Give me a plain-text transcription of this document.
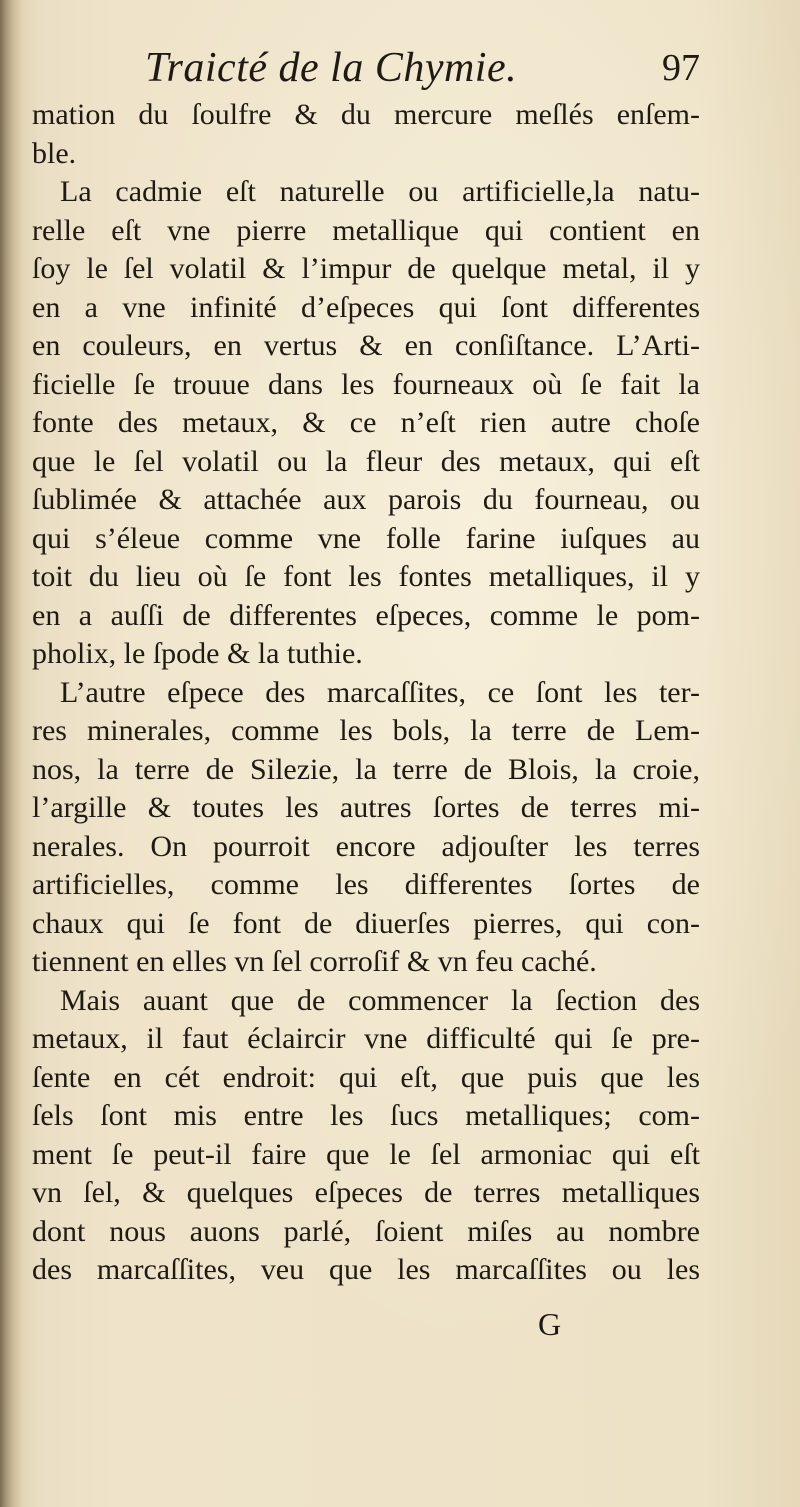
Traicté de la Chymie.	97
mation du ſoulfre & du mercure meſlés enſem-
ble.
La cadmie eſt naturelle ou artificielle,la natu-
relle eſt vne pierre metallique qui contient en
ſoy le ſel volatil & l’impur de quelque metal, il y
en a vne infinité d’eſpeces qui ſont differentes
en couleurs, en vertus & en conſiſtance. L’Arti-
ficielle ſe trouue dans les fourneaux où ſe fait la
fonte des metaux, & ce n’eſt rien autre choſe
que le ſel volatil ou la fleur des metaux, qui eſt
ſublimée & attachée aux parois du fourneau, ou
qui s’éleue comme vne folle farine iuſques au
toit du lieu où ſe font les fontes metalliques, il y
en a auſſi de differentes eſpeces, comme le pom-
pholix, le ſpode & la tuthie.
L’autre eſpece des marcaſſites, ce ſont les ter-
res minerales, comme les bols, la terre de Lem-
nos, la terre de Silezie, la terre de Blois, la croie,
l’argille & toutes les autres ſortes de terres mi-
nerales. On pourroit encore adjouſter les terres
artificielles, comme les differentes ſortes de
chaux qui ſe font de diuerſes pierres, qui con-
tiennent en elles vn ſel corroſif & vn feu caché.
Mais auant que de commencer la ſection des
metaux, il faut éclaircir vne difficulté qui ſe pre-
ſente en cét endroit: qui eſt, que puis que les
ſels ſont mis entre les ſucs metalliques; com-
ment ſe peut-il faire que le ſel armoniac qui eſt
vn ſel, & quelques eſpeces de terres metalliques
dont nous auons parlé, ſoient miſes au nombre
des marcaſſites, veu que les marcaſſites ou les
G
